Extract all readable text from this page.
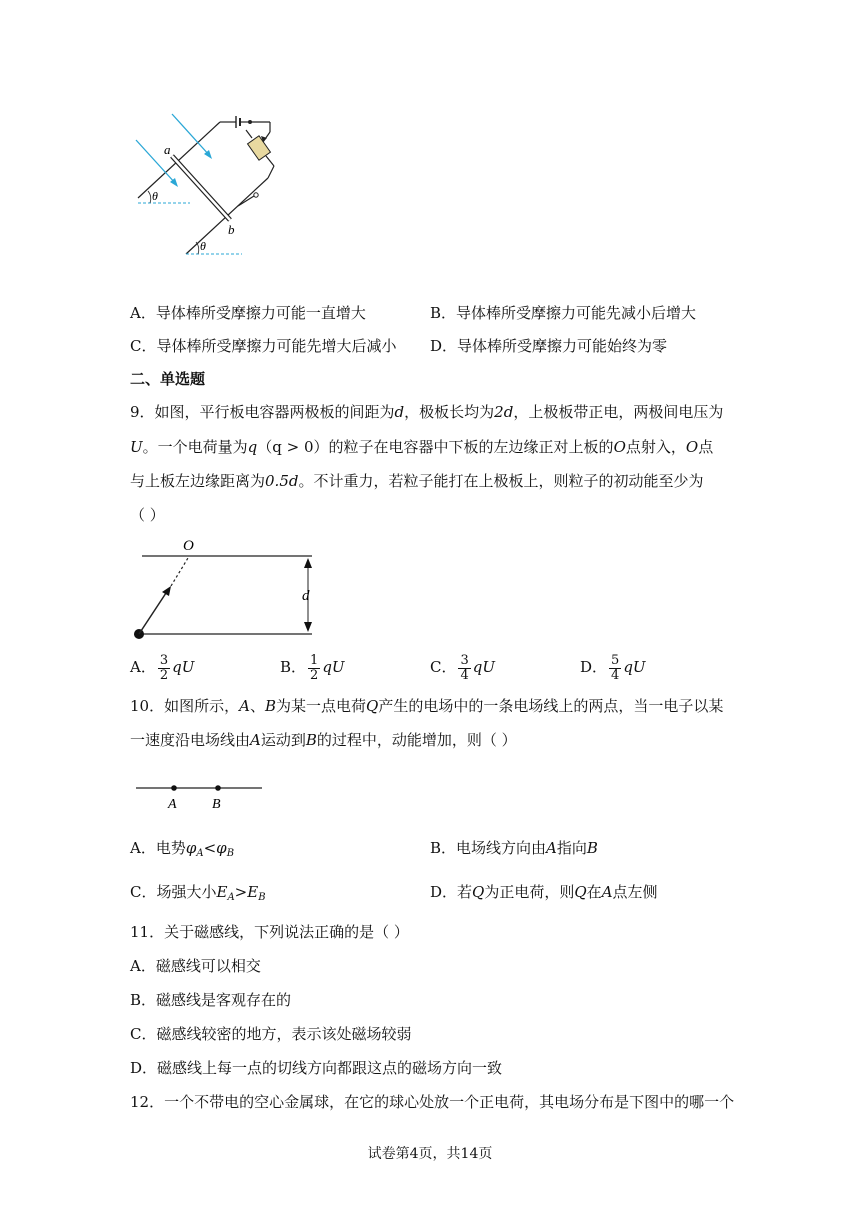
a
b
θ
θ
A．导体棒所受摩擦力可能一直增大	B．导体棒所受摩擦力可能先减小后增大
C．导体棒所受摩擦力可能先增大后减小 D．导体棒所受摩擦力可能始终为零
二、单选题
9．如图，平行板电容器两极板的间距为d，极板长均为2d，上极板带正电，两极间电压为
U。一个电荷量为q（q > 0）的粒子在电容器中下板的左边缘正对上板的O点射入，O点
与上板左边缘距离为0.5d。不计重力，若粒子能打在上极板上，则粒子的初动能至少为
（ ）
O
d
A． $\frac{3}{2}$ qU	B． $\frac{1}{2}$ qU	C． $\frac{3}{4}$ qU	D． $\frac{5}{4}$ qU
10．如图所示，A、B为某一点电荷Q产生的电场中的一条电场线上的两点，当一电子以某
一速度沿电场线由A运动到B的过程中，动能增加，则（ ）
A	B
A．电势$\varphi_A<\varphi_B$	B．电场线方向由A指向B
C．场强大小$E_A>E_B$	D．若Q为正电荷，则Q在A点左侧
11．关于磁感线，下列说法正确的是（ ）
A．磁感线可以相交
B．磁感线是客观存在的
C．磁感线较密的地方，表示该处磁场较弱
D．磁感线上每一点的切线方向都跟这点的磁场方向一致
12．一个不带电的空心金属球，在它的球心处放一个正电荷，其电场分布是下图中的哪一个
试卷第4页，共14页
